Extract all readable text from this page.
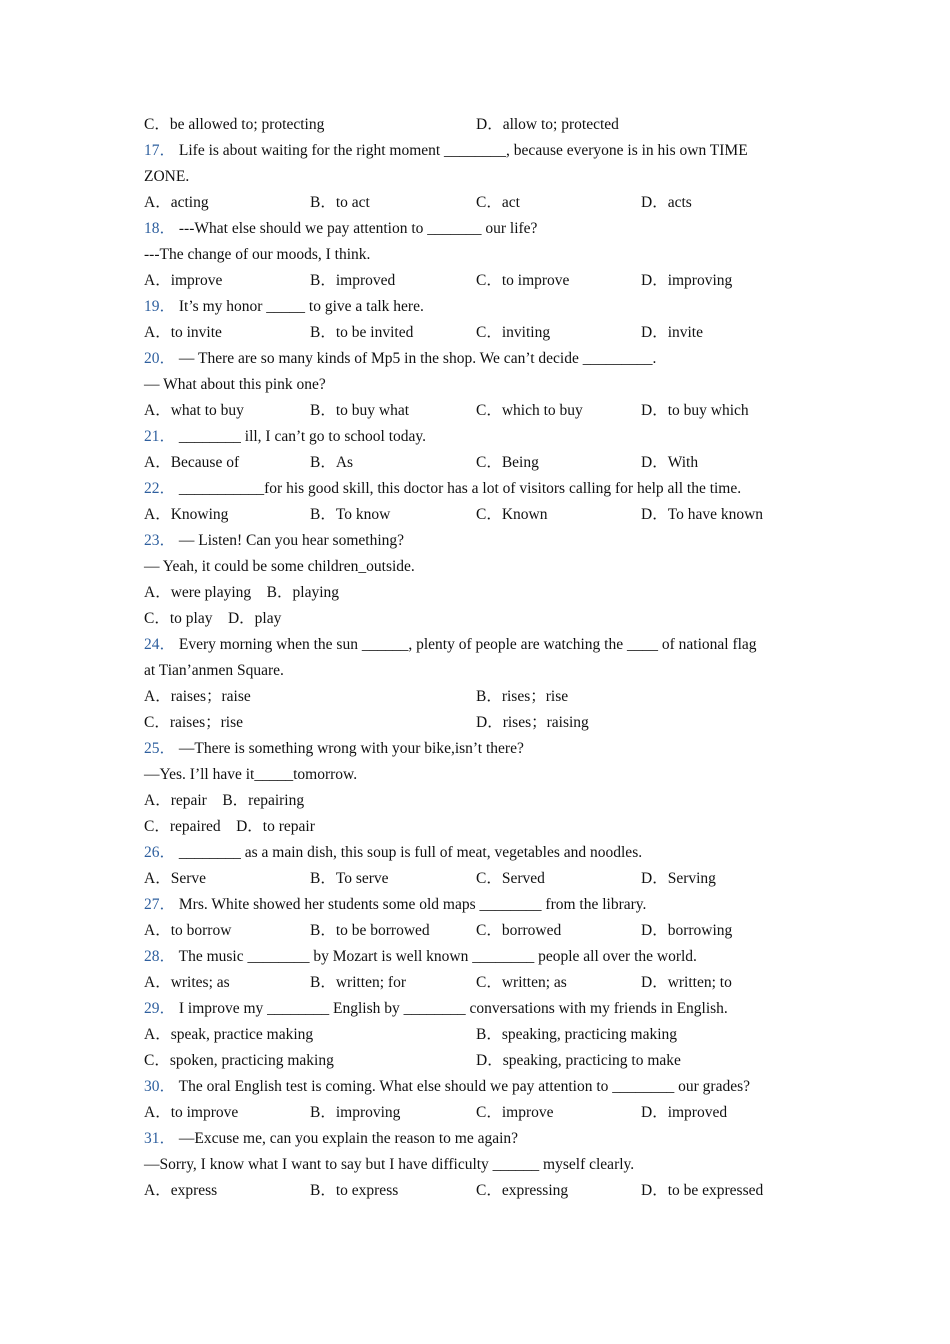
C．be allowed to; protecting	D．allow to; protected
17． Life is about waiting for the right moment ________, because everyone is in his own TIME
ZONE.
A．acting	B．to act	C．act	D．acts
18． ---What else should we pay attention to _______ our life?
---The change of our moods, I think.
A．improve	B．improved	C．to improve	D．improving
19． It’s my honor _____ to give a talk here.
A．to invite	B．to be invited	C．inviting	D．invite
20． — There are so many kinds of Mp5 in the shop. We can’t decide _________.
— What about this pink one?
A．what to buy	B．to buy what	C．which to buy	D．to buy which
21． ________ ill, I can’t go to school today.
A．Because of	B．As	C．Being	D．With
22． ___________for his good skill, this doctor has a lot of visitors calling for help all the time.
A．Knowing	B．To know	C．Known	D．To have known
23． — Listen! Can you hear something?
— Yeah, it could be some children_outside.
A．were playing    B．playing
C．to play    D．play
24． Every morning when the sun ______, plenty of people are watching the ____ of national flag
at Tian’anmen Square.
A．raises；raise	B．rises；rise
C．raises；rise	D．rises；raising
25． —There is something wrong with your bike,isn’t there?
—Yes. I’ll have it_____tomorrow.
A．repair    B．repairing
C．repaired    D．to repair
26． ________ as a main dish, this soup is full of meat, vegetables and noodles.
A．Serve	B．To serve	C．Served	D．Serving
27． Mrs. White showed her students some old maps ________ from the library.
A．to borrow	B．to be borrowed	C．borrowed	D．borrowing
28． The music ________ by Mozart is well known ________ people all over the world.
A．writes; as	B．written; for	C．written; as	D．written; to
29． I improve my ________ English by ________ conversations with my friends in English.
A．speak, practice making	B．speaking, practicing making
C．spoken, practicing making	D．speaking, practicing to make
30． The oral English test is coming. What else should we pay attention to ________ our grades?
A．to improve	B．improving	C．improve	D．improved
31． —Excuse me, can you explain the reason to me again?
—Sorry, I know what I want to say but I have difficulty ______ myself clearly.
A．express	B．to express	C．expressing	D．to be expressed
